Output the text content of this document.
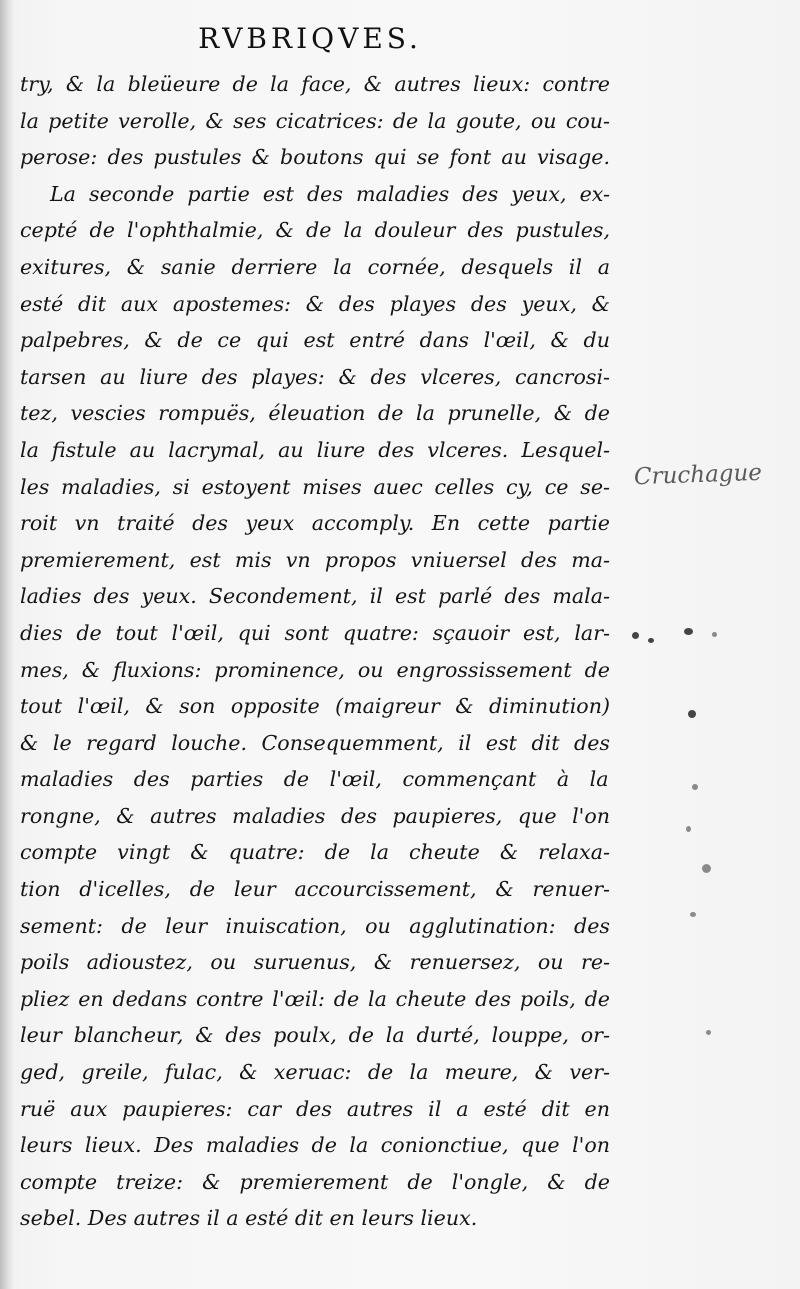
RVBRIQVES.
try, & la bleüeure de la face, & autres lieux: contre
la petite verolle, & ses cicatrices: de la goute, ou cou-
perose: des pustules & boutons qui se font au visage.
La seconde partie est des maladies des yeux, ex-
cepté de l'ophthalmie, & de la douleur des pustules,
exitures, & sanie derriere la cornée, desquels il a
esté dit aux apostemes: & des playes des yeux, &
palpebres, & de ce qui est entré dans l'œil, & du
tarsen au liure des playes: & des vlceres, cancrosi-
tez, vescies rompuës, éleuation de la prunelle, & de
la fistule au lacrymal, au liure des vlceres. Lesquel-
les maladies, si estoyent mises auec celles cy, ce se-
roit vn traité des yeux accomply. En cette partie
premierement, est mis vn propos vniuersel des ma-
ladies des yeux. Secondement, il est parlé des mala-
dies de tout l'œil, qui sont quatre: sçauoir est, lar-
mes, & fluxions: prominence, ou engrossissement de
tout l'œil, & son opposite (maigreur & diminution)
& le regard louche. Consequemment, il est dit des
maladies des parties de l'œil, commençant à la
rongne, & autres maladies des paupieres, que l'on
compte vingt & quatre: de la cheute & relaxa-
tion d'icelles, de leur accourcissement, & renuer-
sement: de leur inuiscation, ou agglutination: des
poils adioustez, ou suruenus, & renuersez, ou re-
pliez en dedans contre l'œil: de la cheute des poils, de
leur blancheur, & des poulx, de la durté, louppe, or-
ged, greile, fulac, & xeruac: de la meure, & ver-
ruë aux paupieres: car des autres il a esté dit en
leurs lieux. Des maladies de la conionctiue, que l'on
compte treize: & premierement de l'ongle, & de
sebel. Des autres il a esté dit en leurs lieux.
Cruchague
